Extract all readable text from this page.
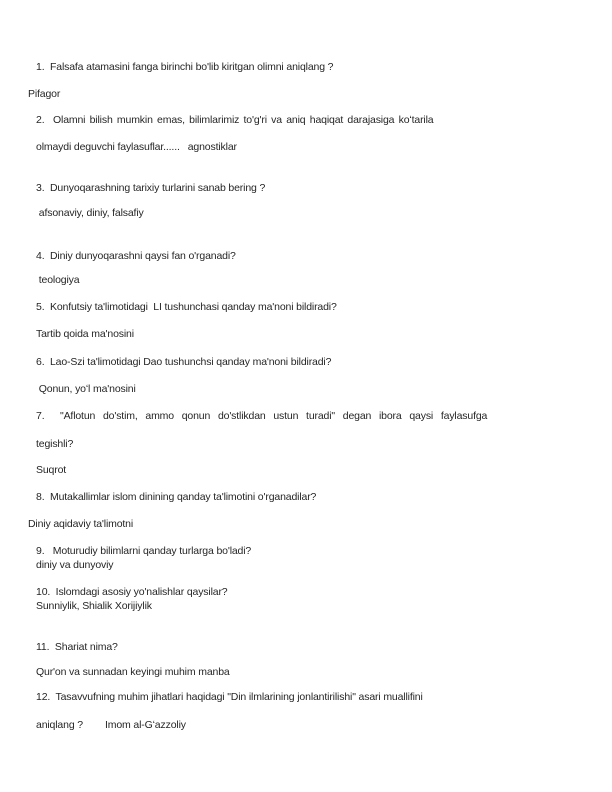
1.  Falsafa atamasini fanga birinchi bo'lib kiritgan olimni aniqlang ?
Pifagor
2.  Olamni bilish mumkin emas, bilimlarimiz to'g'ri va aniq haqiqat darajasiga koʻtarila
olmaydi deguvchi faylasuflar...... agnostiklar
3.  Dunyoqarashning tarixiy turlarini sanab bering ?
afsonaviy, diniy, falsafiy
4.  Diniy dunyoqarashni qaysi fan o'rganadi?
teologiya
5.  Konfutsiy ta'limotidagi  LI tushunchasi qanday ma'noni bildiradi?
Tartib qoida ma'nosini
6.  Lao-Szi ta'limotidagi Dao tushunchsi qanday ma'noni bildiradi?
Qonun, yoʻl ma'nosini
7.  "Aflotun do'stim, ammo qonun do'stlikdan ustun turadi" degan ibora qaysi faylasufga
tegishli?
Suqrot
8.  Mutakallimlar islom dinining qanday ta'limotini o'rganadilar?
Diniy aqidaviy ta'limotni
9.   Moturudiy bilimlarni qanday turlarga bo'ladi?
diniy va dunyoviy
10.  Islomdagi asosiy yo'nalishlar qaysilar?
Sunniylik, Shialik Xorijiylik
11.  Shariat nima?
Qur'on va sunnadan keyingi muhim manba
12.  Tasavvufning muhim jihatlari haqidagi "Din ilmlarining jonlantirilishi" asari muallifini
aniqlang ? Imom al-Gʻazzoliy
